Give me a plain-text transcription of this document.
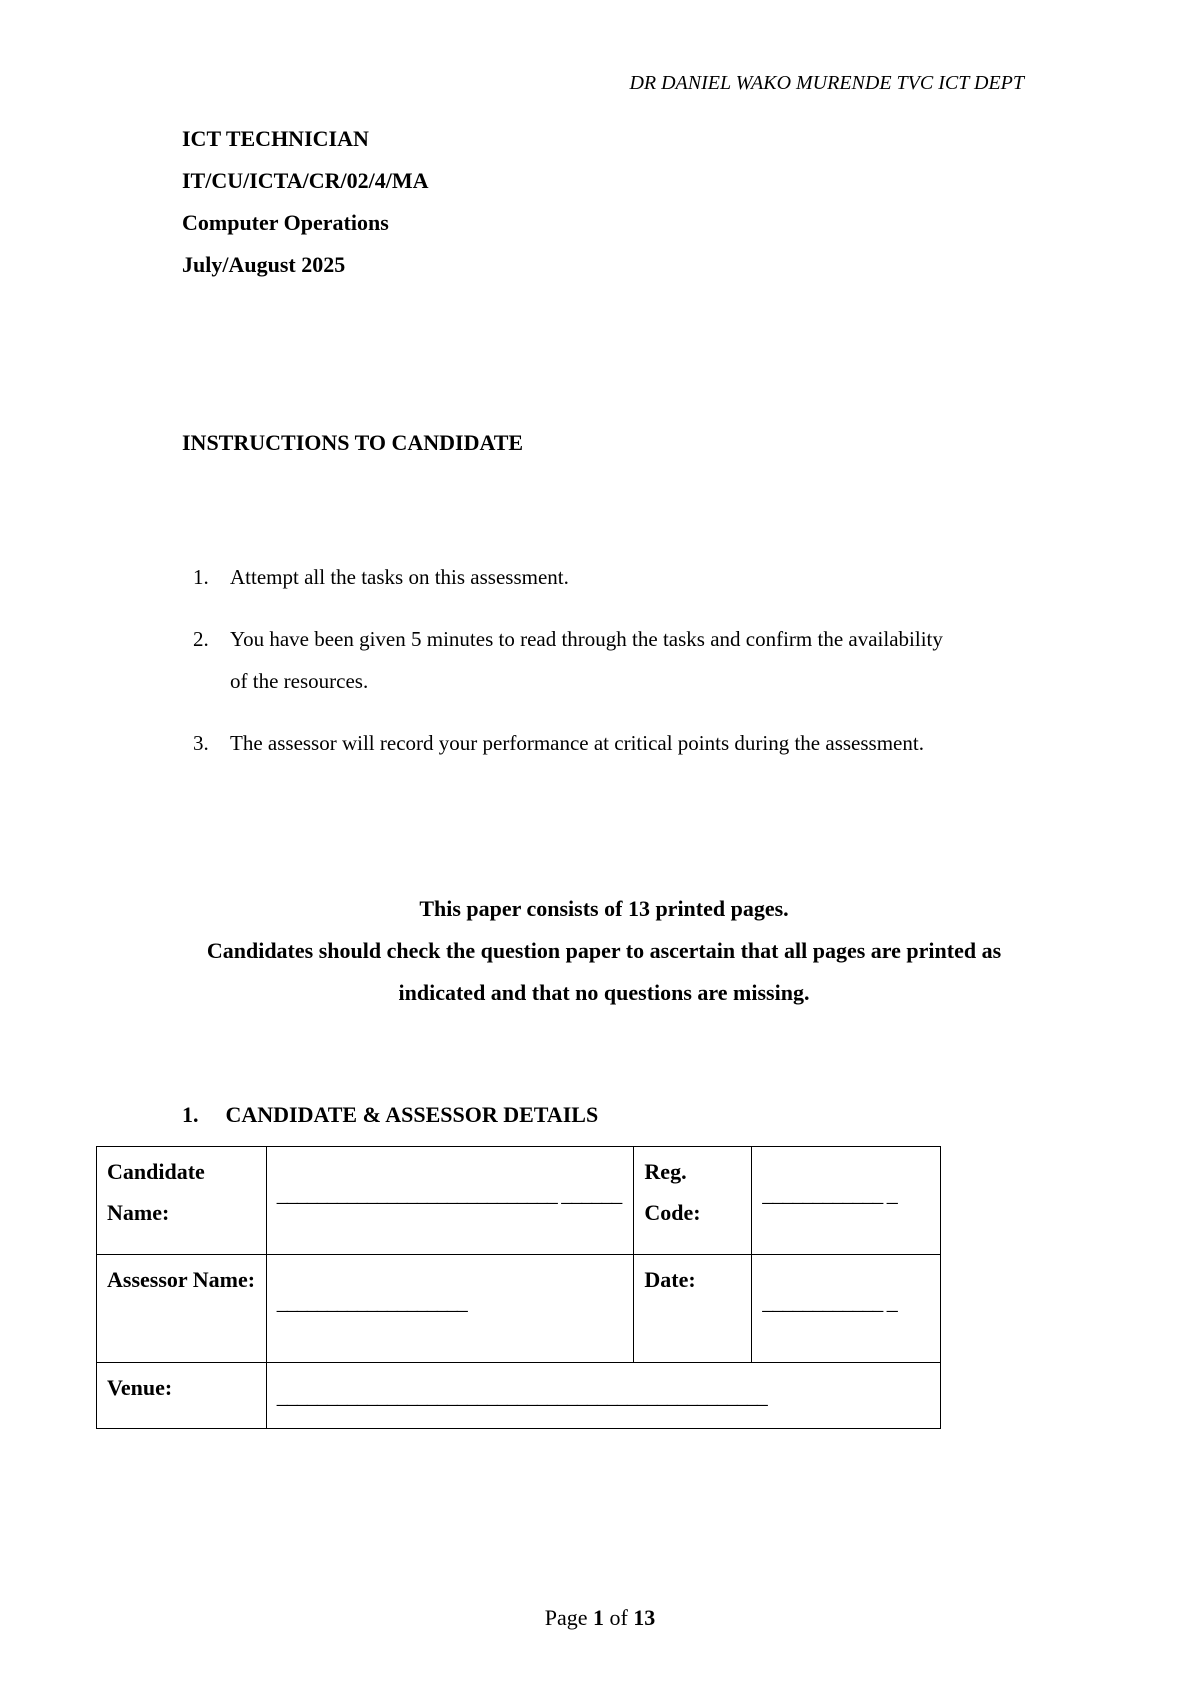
DR DANIEL WAKO MURENDE TVC ICT DEPT
ICT TECHNICIAN
IT/CU/ICTA/CR/02/4/MA
Computer Operations
July/August 2025
INSTRUCTIONS TO CANDIDATE
1.	Attempt all the tasks on this assessment.
2.	You have been given 5 minutes to read through the tasks and confirm the availability of the resources.
3.	The assessor will record your performance at critical points during the assessment.
This paper consists of 13 printed pages.
Candidates should check the question paper to ascertain that all pages are printed as indicated and that no questions are missing.
1. CANDIDATE & ASSESSOR DETAILS
Candidate Name:	____________________________ ______	Reg. Code:	____________ _
Assessor Name:	___________________	Date:	____________ _
Venue:	_________________________________________________		
Page 1 of 13
